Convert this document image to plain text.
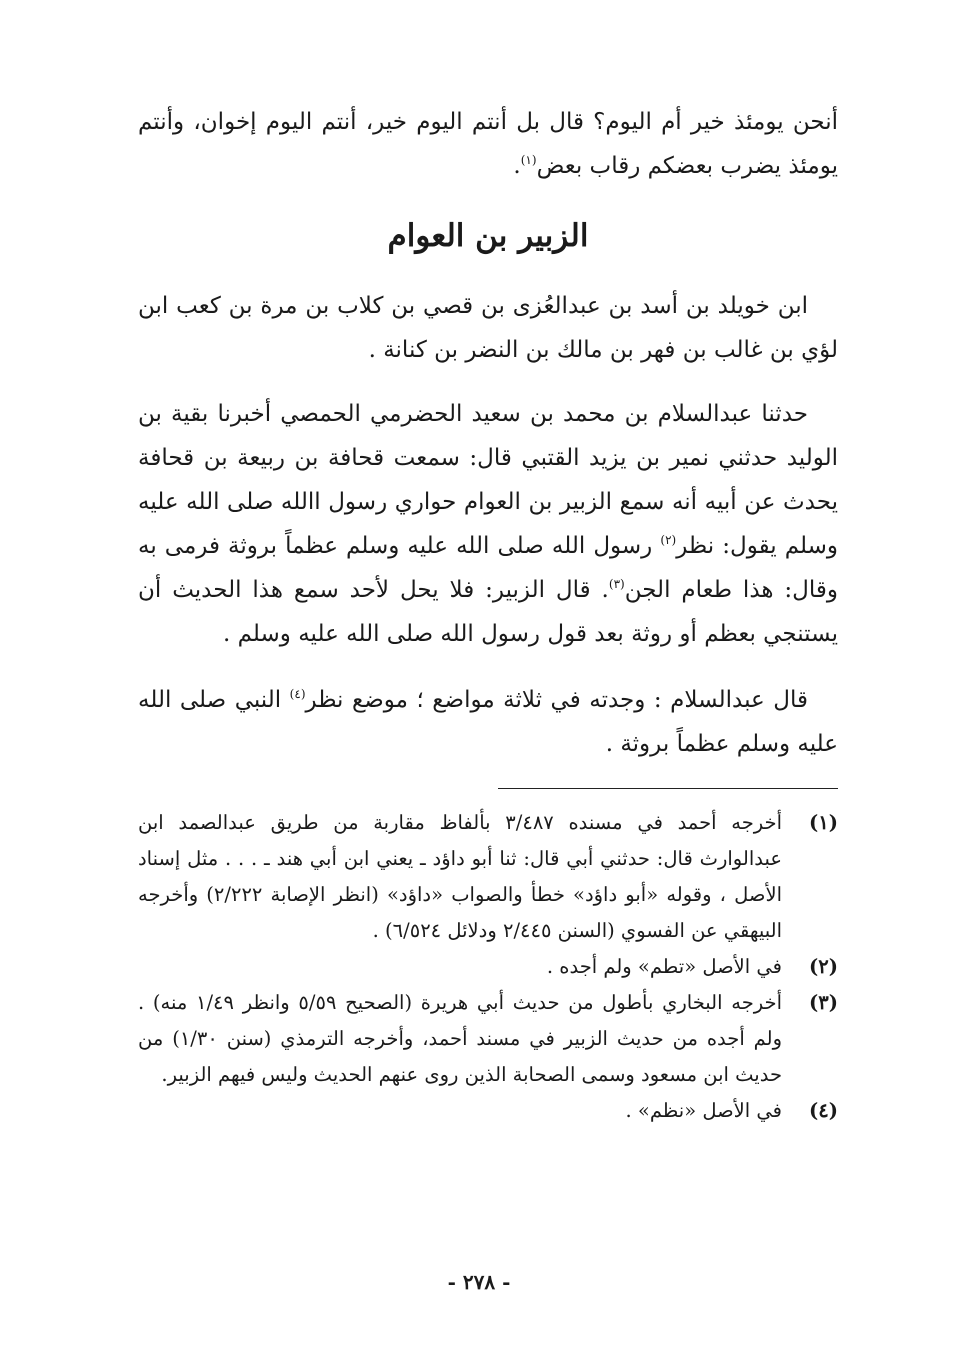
أنحن يومئذ خير أم اليوم؟ قال بل أنتم اليوم خير، أنتم اليوم إخوان، وأنتم يومئذ يضرب بعضكم رقاب بعض$^{(١)}$.

الزبير بن العوام

ابن خويلد بن أسد بن عبدالعُزى بن قصي بن كلاب بن مرة بن كعب ابن لؤي بن غالب بن فهر بن مالك بن النضر بن كنانة .

حدثنا عبدالسلام بن محمد بن سعيد الحضرمي الحمصي أخبرنا بقية بن الوليد حدثني نمير بن يزيد القتبي قال: سمعت قحافة بن ربيعة بن قحافة يحدث عن أبيه أنه سمع الزبير بن العوام حواري رسول االله صلى الله عليه وسلم يقول: نظر$^{(٢)}$ رسول الله صلى الله عليه وسلم عظماً بروثة فرمى به وقال: هذا طعام الجن$^{(٣)}$. قال الزبير: فلا يحل لأحد سمع هذا الحديث أن يستنجي بعظم أو روثة بعد قول رسول الله صلى الله عليه وسلم .

قال عبدالسلام : وجدته في ثلاثة مواضع ؛ موضع نظر$^{(٤)}$ النبي صلى الله عليه وسلم عظماً بروثة .

(١)
أخرجه أحمد في مسنده ٣/٤٨٧ بألفاظ مقاربة من طريق عبدالصمد ابن عبدالوارث قال: حدثني أبي قال: ثنا أبو داؤد ـ يعني ابن أبي هند ـ . . . مثل إسناد الأصل ، وقوله «أبو داؤد» خطأ والصواب «داؤد» (انظر الإصابة ٢/٢٢٢) وأخرجه البيهقي عن الفسوي (السنن ٢/٤٤٥ ودلائل ٦/٥٢٤) .
(٢)
في الأصل «تطم» ولم أجده .
(٣)
أخرجه البخاري بأطول من حديث أبي هريرة (الصحيح ٥/٥٩ وانظر ١/٤٩ منه) . ولم أجده من حديث الزبير في مسند أحمد، وأخرجه الترمذي (سنن ١/٣٠) من حديث ابن مسعود وسمى الصحابة الذين روى عنهم الحديث وليس فيهم الزبير.
(٤)
في الأصل «نظم» .
- ٢٧٨ -
